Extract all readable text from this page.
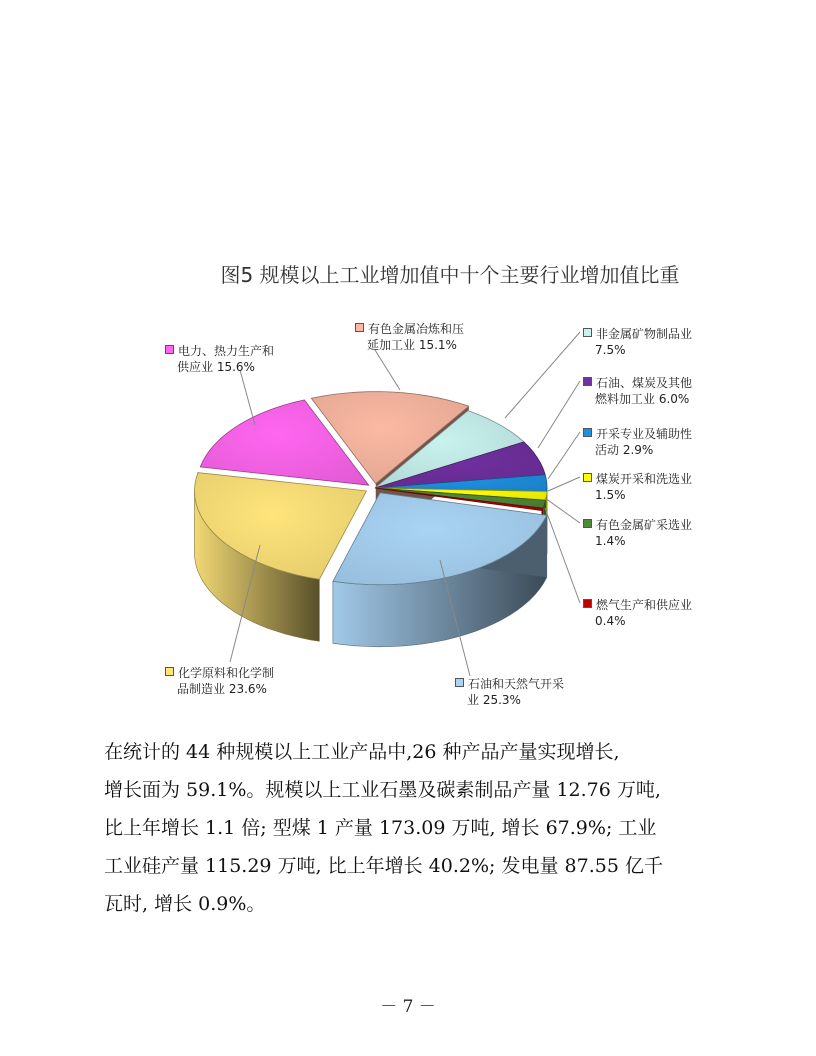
图5 规模以上工业增加值中十个主要行业增加值比重
有色金属冶炼和压
延加工业 15.1%
非金属矿物制品业
7.5%
石油、煤炭及其他
燃料加工业 6.0%
开采专业及辅助性
活动 2.9%
煤炭开采和洗选业
1.5%
有色金属矿采选业
1.4%
燃气生产和供应业
0.4%
石油和天然气开采
业 25.3%
化学原料和化学制
品制造业 23.6%
电力、热力生产和
供应业 15.6%

在统计的 44 种规模以上工业产品中,26 种产品产量实现增长,

增长面为 59.1%。规模以上工业石墨及碳素制品产量 12.76 万吨,

比上年增长 1.1 倍; 型煤 1 产量 173.09 万吨, 增长 67.9%; 工业

工业硅产量 115.29 万吨, 比上年增长 40.2%; 发电量 87.55 亿千

瓦时, 增长 0.9%。

－ 7 －
